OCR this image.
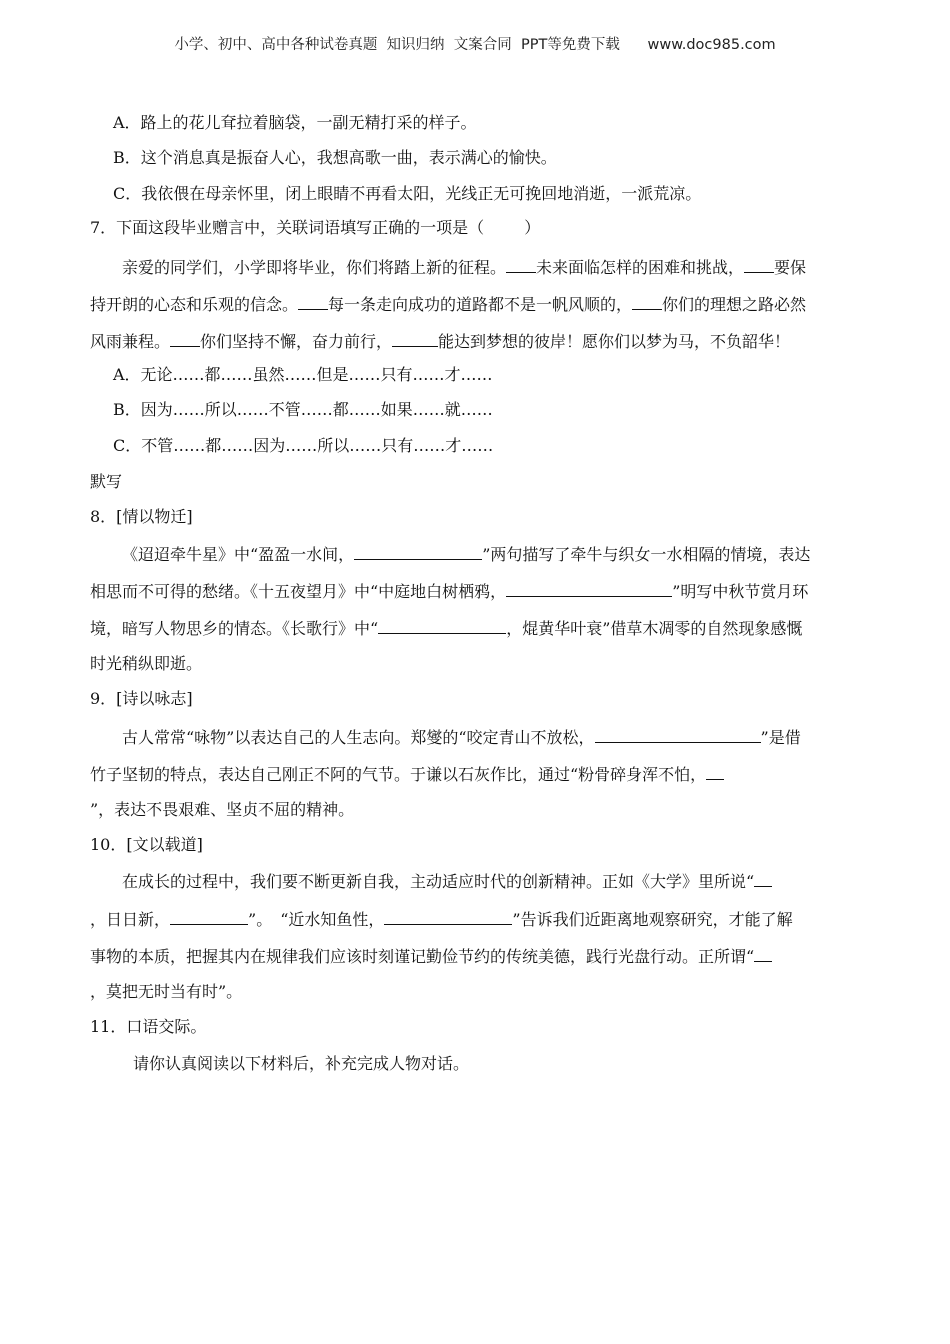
小学、初中、高中各种试卷真题  知识归纳  文案合同  PPT等免费下载 www.doc985.com
A．路上的花儿耷拉着脑袋，一副无精打采的样子。
B．这个消息真是振奋人心，我想高歌一曲，表示满心的愉快。
C．我依偎在母亲怀里，闭上眼睛不再看太阳，光线正无可挽回地消逝，一派荒凉。
7．下面这段毕业赠言中，关联词语填写正确的一项是（	）
亲爱的同学们，小学即将毕业，你们将踏上新的征程。 未来面临怎样的困难和挑战， 要保
持开朗的心态和乐观的信念。 每一条走向成功的道路都不是一帆风顺的， 你们的理想之路必然
风雨兼程。 你们坚持不懈，奋力前行，	能达到梦想的彼岸！愿你们以梦为马，不负韶华！
A．无论……都……虽然……但是……只有……才……
B．因为……所以……不管……都……如果……就……
C．不管……都……因为……所以……只有……才……
默写
8．[情以物迁]
《迢迢牵牛星》中“盈盈一水间，	”两句描写了牵牛与织女一水相隔的情境，表达
相思而不可得的愁绪。《十五夜望月》中“中庭地白树栖鸦，	”明写中秋节赏月环
境，暗写人物思乡的情态。《长歌行》中“	，焜黄华叶衰”借草木凋零的自然现象感慨
时光稍纵即逝。
9．[诗以咏志]
古人常常“咏物”以表达自己的人生志向。郑燮的“咬定青山不放松，	”是借
竹子坚韧的特点，表达自己刚正不阿的气节。于谦以石灰作比，通过“粉骨碎身浑不怕，
”，表达不畏艰难、坚贞不屈的精神。
10．[文以载道]
在成长的过程中，我们要不断更新自我，主动适应时代的创新精神。正如《大学》里所说“
，日日新，	”。　“近水知鱼性，	”告诉我们近距离地观察研究，才能了解
事物的本质，把握其内在规律我们应该时刻谨记勤俭节约的传统美德，践行光盘行动。正所谓“
，莫把无时当有时”。
11．口语交际。
请你认真阅读以下材料后，补充完成人物对话。
